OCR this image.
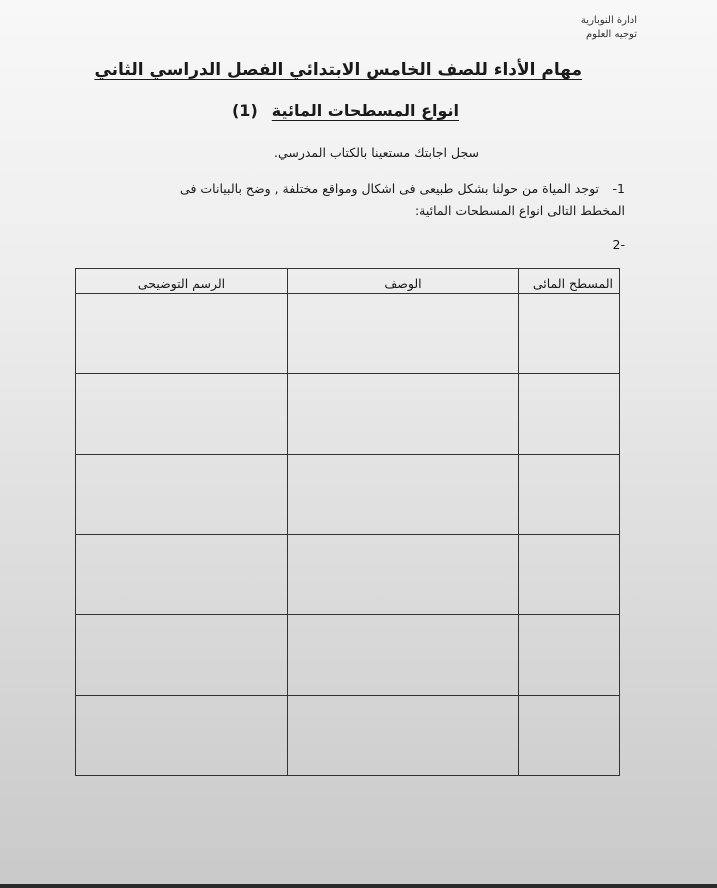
ادارة النوبارية
توجيه العلوم
مهام الأداء للصف الخامس الابتدائي الفصل الدراسي الثاني
انواع المسطحات المائية(1)
سجل اجابتك مستعينا بالكتاب المدرسي.
1- توجد المياة من حولنا بشكل طبيعى فى اشكال ومواقع مختلفة , وضح بالبيانات فى
المخطط التالى انواع المسطحات المائية:
-2
المسطح المائى	الوصف	الرسم التوضيحى
